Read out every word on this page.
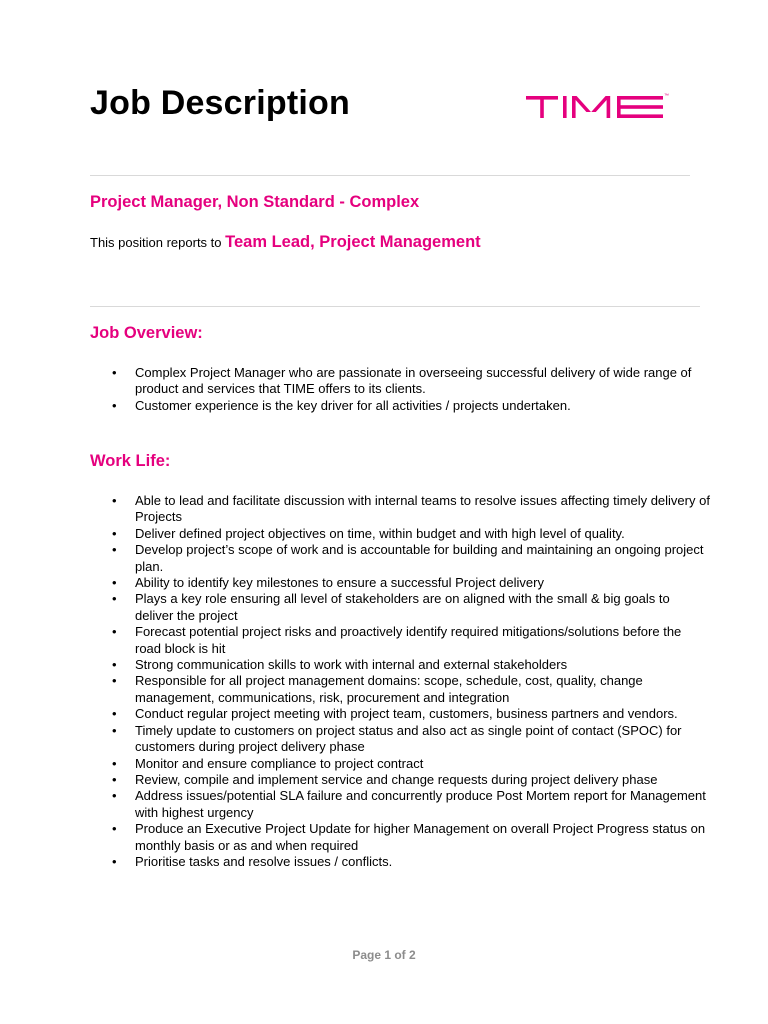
Job Description	™
Project Manager, Non Standard - Complex

This position reports to Team Lead, Project Management

Job Overview:
• Complex Project Manager who are passionate in overseeing successful delivery of wide range of product and services that TIME offers to its clients.
• Customer experience is the key driver for all activities / projects undertaken.
Work Life:
• Able to lead and facilitate discussion with internal teams to resolve issues affecting timely delivery of Projects
• Deliver defined project objectives on time, within budget and with high level of quality.
• Develop project’s scope of work and is accountable for building and maintaining an ongoing project plan.
• Ability to identify key milestones to ensure a successful Project delivery
• Plays a key role ensuring all level of stakeholders are on aligned with the small & big goals to deliver the project
• Forecast potential project risks and proactively identify required mitigations/solutions before the road block is hit
• Strong communication skills to work with internal and external stakeholders
• Responsible for all project management domains: scope, schedule, cost, quality, change management, communications, risk, procurement and integration
• Conduct regular project meeting with project team, customers, business partners and vendors.
• Timely update to customers on project status and also act as single point of contact (SPOC) for customers during project delivery phase
• Monitor and ensure compliance to project contract
• Review, compile and implement service and change requests during project delivery phase
• Address issues/potential SLA failure and concurrently produce Post Mortem report for Management with highest urgency
• Produce an Executive Project Update for higher Management on overall Project Progress status on monthly basis or as and when required
• Prioritise tasks and resolve issues / conflicts.

Page 1 of 2
